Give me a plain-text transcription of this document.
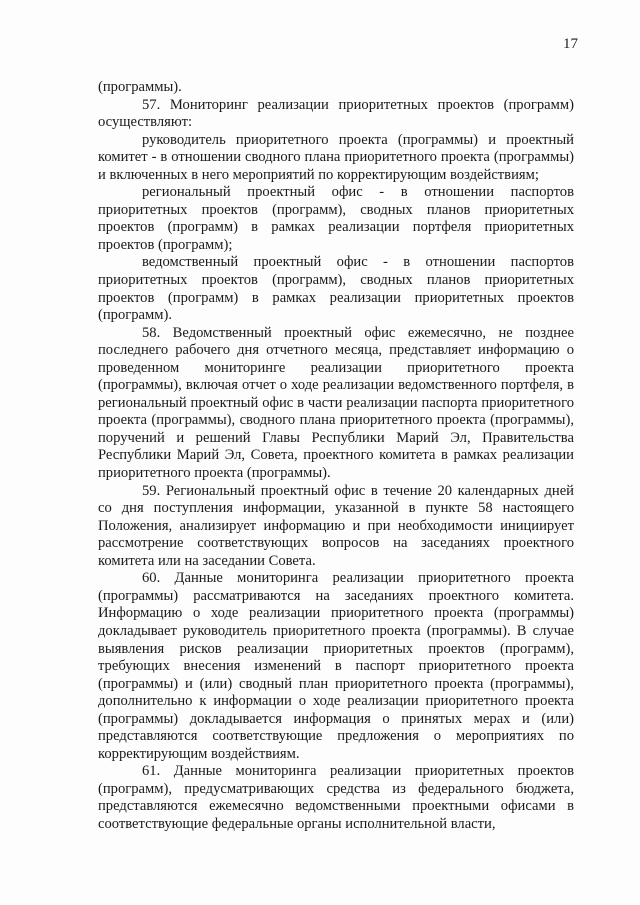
17

(программы).

57. Мониторинг реализации приоритетных проектов (программ) осуществляют:

руководитель приоритетного проекта (программы) и проектный комитет - в отношении сводного плана приоритетного проекта (программы) и включенных в него мероприятий по корректирующим воздействиям;

региональный проектный офис - в отношении паспортов приоритетных проектов (программ), сводных планов приоритетных проектов (программ) в рамках реализации портфеля приоритетных проектов (программ);

ведомственный проектный офис - в отношении паспортов приоритетных проектов (программ), сводных планов приоритетных проектов (программ) в рамках реализации приоритетных проектов (программ).

58. Ведомственный проектный офис ежемесячно, не позднее последнего рабочего дня отчетного месяца, представляет информацию о проведенном мониторинге реализации приоритетного проекта (программы), включая отчет о ходе реализации ведомственного портфеля, в региональный проектный офис в части реализации паспорта приоритетного проекта (программы), сводного плана приоритетного проекта (программы), поручений и решений Главы Республики Марий Эл, Правительства Республики Марий Эл, Совета, проектного комитета в рамках реализации приоритетного проекта (программы).

59. Региональный проектный офис в течение 20 календарных дней со дня поступления информации, указанной в пункте 58 настоящего Положения, анализирует информацию и при необходимости инициирует рассмотрение соответствующих вопросов на заседаниях проектного комитета или на заседании Совета.

60. Данные мониторинга реализации приоритетного проекта (программы) рассматриваются на заседаниях проектного комитета. Информацию о ходе реализации приоритетного проекта (программы) докладывает руководитель приоритетного проекта (программы). В случае выявления рисков реализации приоритетных проектов (программ), требующих внесения изменений в паспорт приоритетного проекта (программы) и (или) сводный план приоритетного проекта (программы), дополнительно к информации о ходе реализации приоритетного проекта (программы) докладывается информация о принятых мерах и (или) представляются соответствующие предложения о мероприятиях по корректирующим воздействиям.

61. Данные мониторинга реализации приоритетных проектов (программ), предусматривающих средства из федерального бюджета, представляются ежемесячно ведомственными проектными офисами в соответствующие федеральные органы исполнительной власти,
